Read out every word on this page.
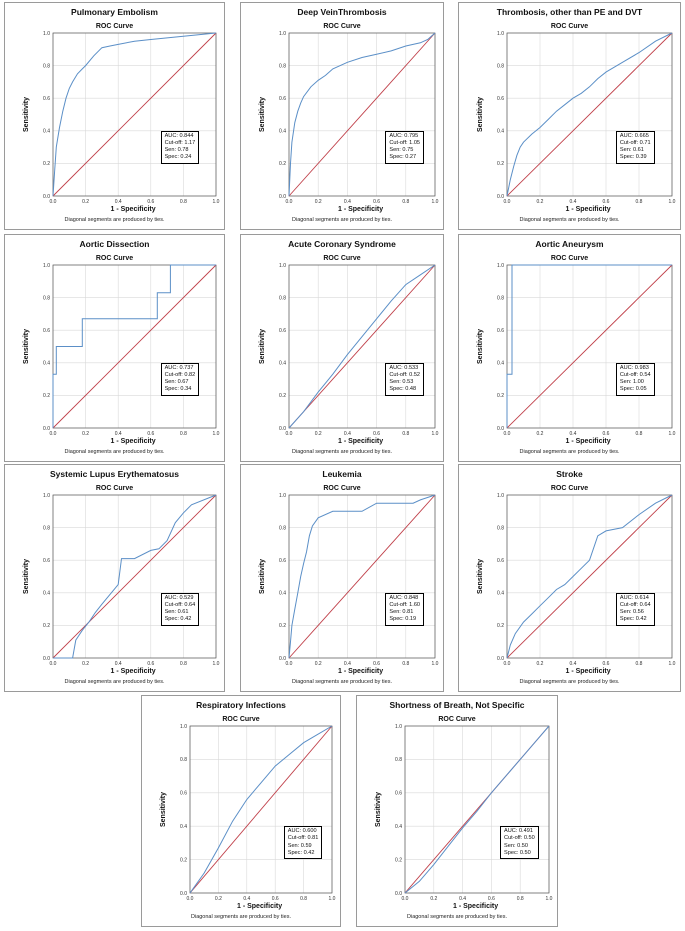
Pulmonary Embolism
ROC Curve
0.0
0.0
0.2
0.2
0.4
0.4
0.6
0.6
0.8
0.8
1.0
1.0
Sensitivity
1 - Specificity
Diagonal segments are produced by ties.
AUC: 0.844
Cut-off: 1.17
Sen: 0.78
Spec: 0.24
Deep VeinThrombosis
ROC Curve
0.0
0.0
0.2
0.2
0.4
0.4
0.6
0.6
0.8
0.8
1.0
1.0
Sensitivity
1 - Specificity
Diagonal segments are produced by ties.
AUC: 0.795
Cut-off: 1.05
Sen: 0.75
Spec: 0.27
Thrombosis, other than PE and DVT
ROC Curve
0.0
0.0
0.2
0.2
0.4
0.4
0.6
0.6
0.8
0.8
1.0
1.0
Sensitivity
1 - Specificity
Diagonal segments are produced by ties.
AUC: 0.665
Cut-off: 0.71
Sen: 0.61
Spec: 0.39
Aortic Dissection
ROC Curve
0.0
0.0
0.2
0.2
0.4
0.4
0.6
0.6
0.8
0.8
1.0
1.0
Sensitivity
1 - Specificity
Diagonal segments are produced by ties.
AUC: 0.737
Cut-off: 0.82
Sen: 0.67
Spec: 0.34
Acute Coronary Syndrome
ROC Curve
0.0
0.0
0.2
0.2
0.4
0.4
0.6
0.6
0.8
0.8
1.0
1.0
Sensitivity
1 - Specificity
Diagonal segments are produced by ties.
AUC: 0.533
Cut-off: 0.52
Sen: 0.53
Spec: 0.48
Aortic Aneurysm
ROC Curve
0.0
0.0
0.2
0.2
0.4
0.4
0.6
0.6
0.8
0.8
1.0
1.0
Sensitivity
1 - Specificity
Diagonal segments are produced by ties.
AUC: 0.983
Cut-off: 0.54
Sen: 1.00
Spec: 0.05
Systemic Lupus Erythematosus
ROC Curve
0.0
0.0
0.2
0.2
0.4
0.4
0.6
0.6
0.8
0.8
1.0
1.0
Sensitivity
1 - Specificity
Diagonal segments are produced by ties.
AUC: 0.529
Cut-off: 0.64
Sen: 0.61
Spec: 0.42
Leukemia
ROC Curve
0.0
0.0
0.2
0.2
0.4
0.4
0.6
0.6
0.8
0.8
1.0
1.0
Sensitivity
1 - Specificity
Diagonal segments are produced by ties.
AUC: 0.848
Cut-off: 1.60
Sen: 0.81
Spec: 0.19
Stroke
ROC Curve
0.0
0.0
0.2
0.2
0.4
0.4
0.6
0.6
0.8
0.8
1.0
1.0
Sensitivity
1 - Specificity
Diagonal segments are produced by ties.
AUC: 0.614
Cut-off: 0.64
Sen: 0.56
Spec: 0.42
Respiratory Infections
ROC Curve
0.0
0.0
0.2
0.2
0.4
0.4
0.6
0.6
0.8
0.8
1.0
1.0
Sensitivity
1 - Specificity
Diagonal segments are produced by ties.
AUC: 0.600
Cut-off: 0.81
Sen: 0.59
Spec: 0.42
Shortness of Breath, Not Specific
ROC Curve
0.0
0.0
0.2
0.2
0.4
0.4
0.6
0.6
0.8
0.8
1.0
1.0
Sensitivity
1 - Specificity
Diagonal segments are produced by ties.
AUC: 0.491
Cut-off: 0.50
Sen: 0.50
Spec: 0.50
